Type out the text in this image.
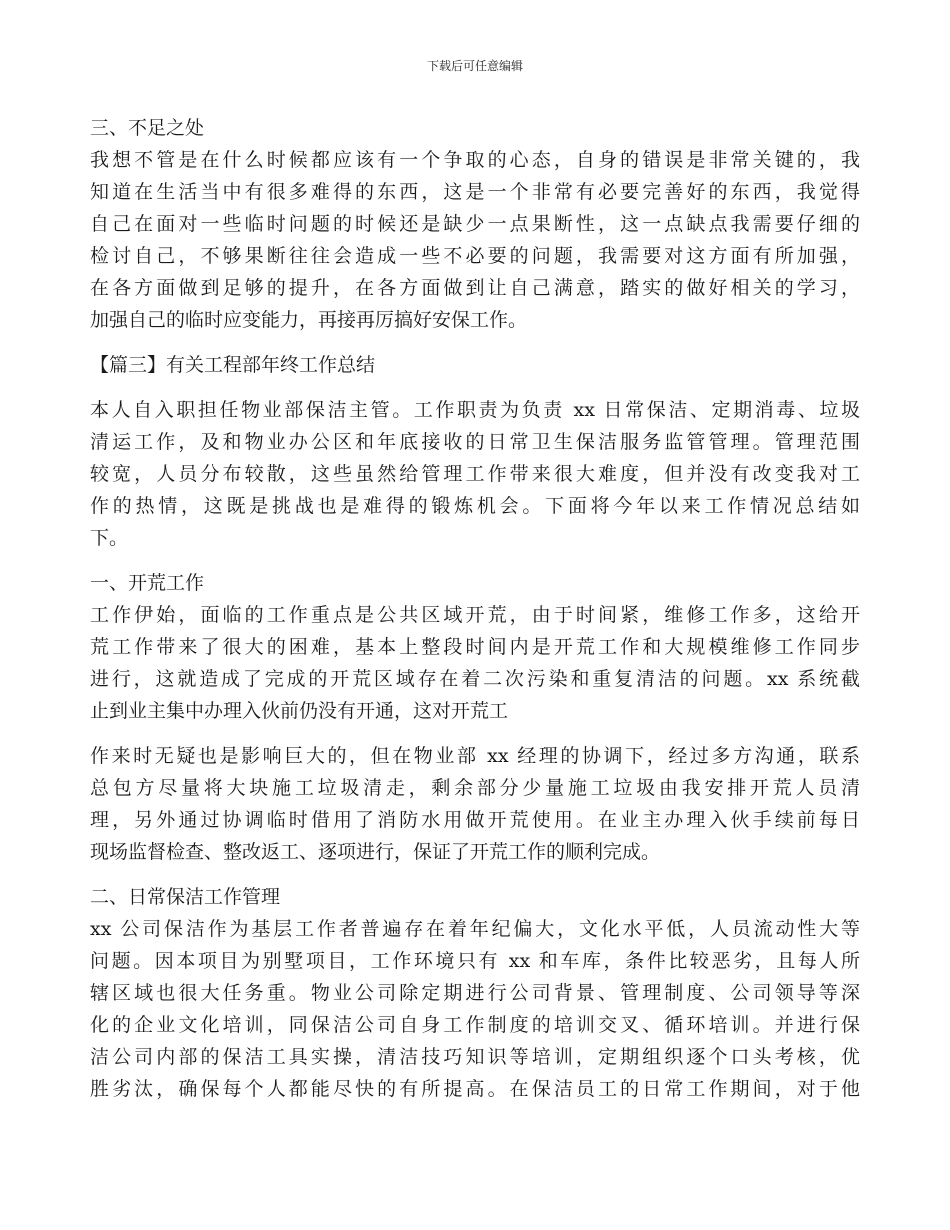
下载后可任意编辑
三、不足之处
我想不管是在什么时候都应该有一个争取的心态，自身的错误是非常关键的，我
知道在生活当中有很多难得的东西，这是一个非常有必要完善好的东西，我觉得
自己在面对一些临时问题的时候还是缺少一点果断性，这一点缺点我需要仔细的
检讨自己，不够果断往往会造成一些不必要的问题，我需要对这方面有所加强，
在各方面做到足够的提升，在各方面做到让自己满意，踏实的做好相关的学习，
加强自己的临时应变能力，再接再厉搞好安保工作。
【篇三】有关工程部年终工作总结
本人自入职担任物业部保洁主管。工作职责为负责 xx 日常保洁、定期消毒、垃圾
清运工作，及和物业办公区和年底接收的日常卫生保洁服务监管管理。管理范围
较宽，人员分布较散，这些虽然给管理工作带来很大难度，但并没有改变我对工
作的热情，这既是挑战也是难得的锻炼机会。下面将今年以来工作情况总结如
下。
一、开荒工作
工作伊始，面临的工作重点是公共区域开荒，由于时间紧，维修工作多，这给开
荒工作带来了很大的困难，基本上整段时间内是开荒工作和大规模维修工作同步
进行，这就造成了完成的开荒区域存在着二次污染和重复清洁的问题。xx 系统截
止到业主集中办理入伙前仍没有开通，这对开荒工
作来时无疑也是影响巨大的，但在物业部 xx 经理的协调下，经过多方沟通，联系
总包方尽量将大块施工垃圾清走，剩余部分少量施工垃圾由我安排开荒人员清
理，另外通过协调临时借用了消防水用做开荒使用。在业主办理入伙手续前每日
现场监督检查、整改返工、逐项进行，保证了开荒工作的顺利完成。
二、日常保洁工作管理
xx 公司保洁作为基层工作者普遍存在着年纪偏大，文化水平低，人员流动性大等
问题。因本项目为别墅项目，工作环境只有 xx 和车库，条件比较恶劣，且每人所
辖区域也很大任务重。物业公司除定期进行公司背景、管理制度、公司领导等深
化的企业文化培训，同保洁公司自身工作制度的培训交叉、循环培训。并进行保
洁公司内部的保洁工具实操，清洁技巧知识等培训，定期组织逐个口头考核，优
胜劣汰，确保每个人都能尽快的有所提高。在保洁员工的日常工作期间，对于他
